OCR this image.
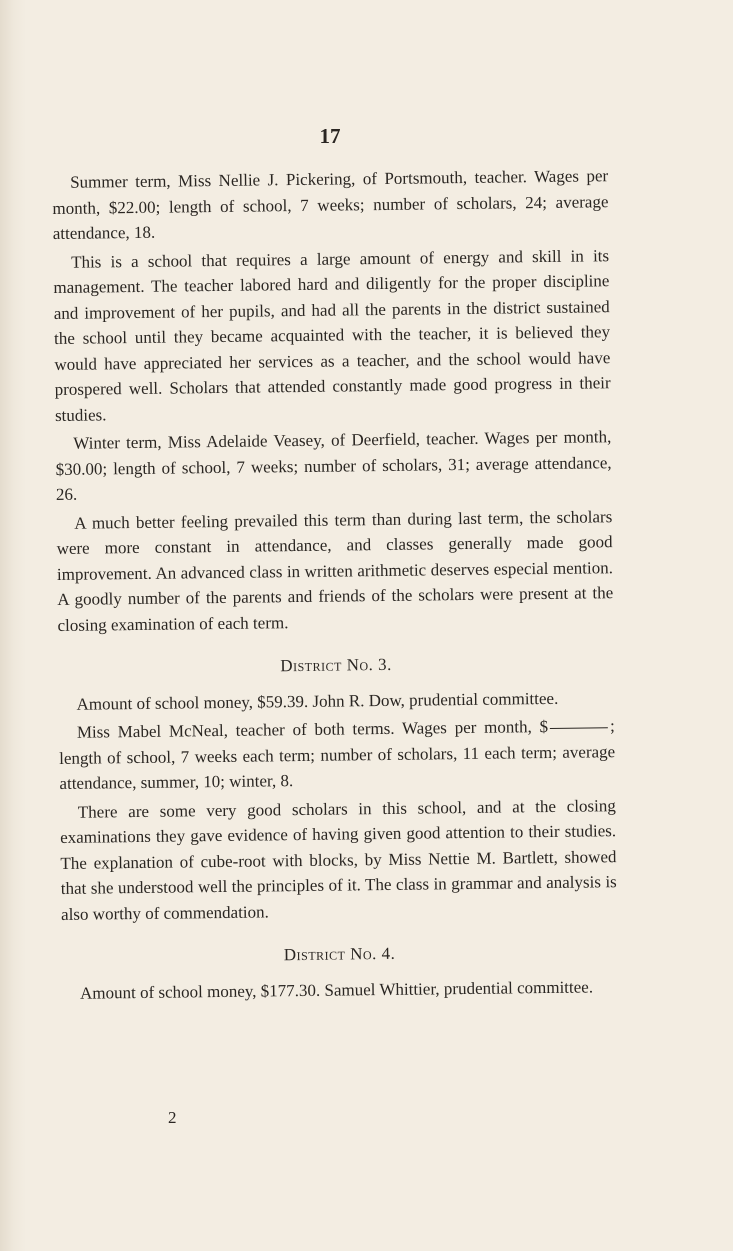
17

Summer term, Miss Nellie J. Pickering, of Portsmouth, teacher. Wages per month, $22.00; length of school, 7 weeks; number of scholars, 24; average attendance, 18.

This is a school that requires a large amount of energy and skill in its management. The teacher labored hard and diligently for the proper discipline and improvement of her pupils, and had all the parents in the district sustained the school until they became acquainted with the teacher, it is believed they would have appreciated her services as a teacher, and the school would have prospered well. Scholars that attended constantly made good progress in their studies.

Winter term, Miss Adelaide Veasey, of Deerfield, teacher. Wages per month, $30.00; length of school, 7 weeks; number of scholars, 31; average attendance, 26.

A much better feeling prevailed this term than during last term, the scholars were more constant in attendance, and classes generally made good improvement. An advanced class in written arithmetic deserves especial mention. A goodly number of the parents and friends of the scholars were present at the closing examination of each term.

District No. 3.

Amount of school money, $59.39. John R. Dow, prudential committee.

Miss Mabel McNeal, teacher of both terms. Wages per month, $	; length of school, 7 weeks each term; number of scholars, 11 each term; average attendance, summer, 10; winter, 8.

There are some very good scholars in this school, and at the closing examinations they gave evidence of having given good attention to their studies. The explanation of cube-root with blocks, by Miss Nettie M. Bartlett, showed that she understood well the principles of it. The class in grammar and analysis is also worthy of commendation.

District No. 4.

Amount of school money, $177.30. Samuel Whittier, prudential committee.

2
